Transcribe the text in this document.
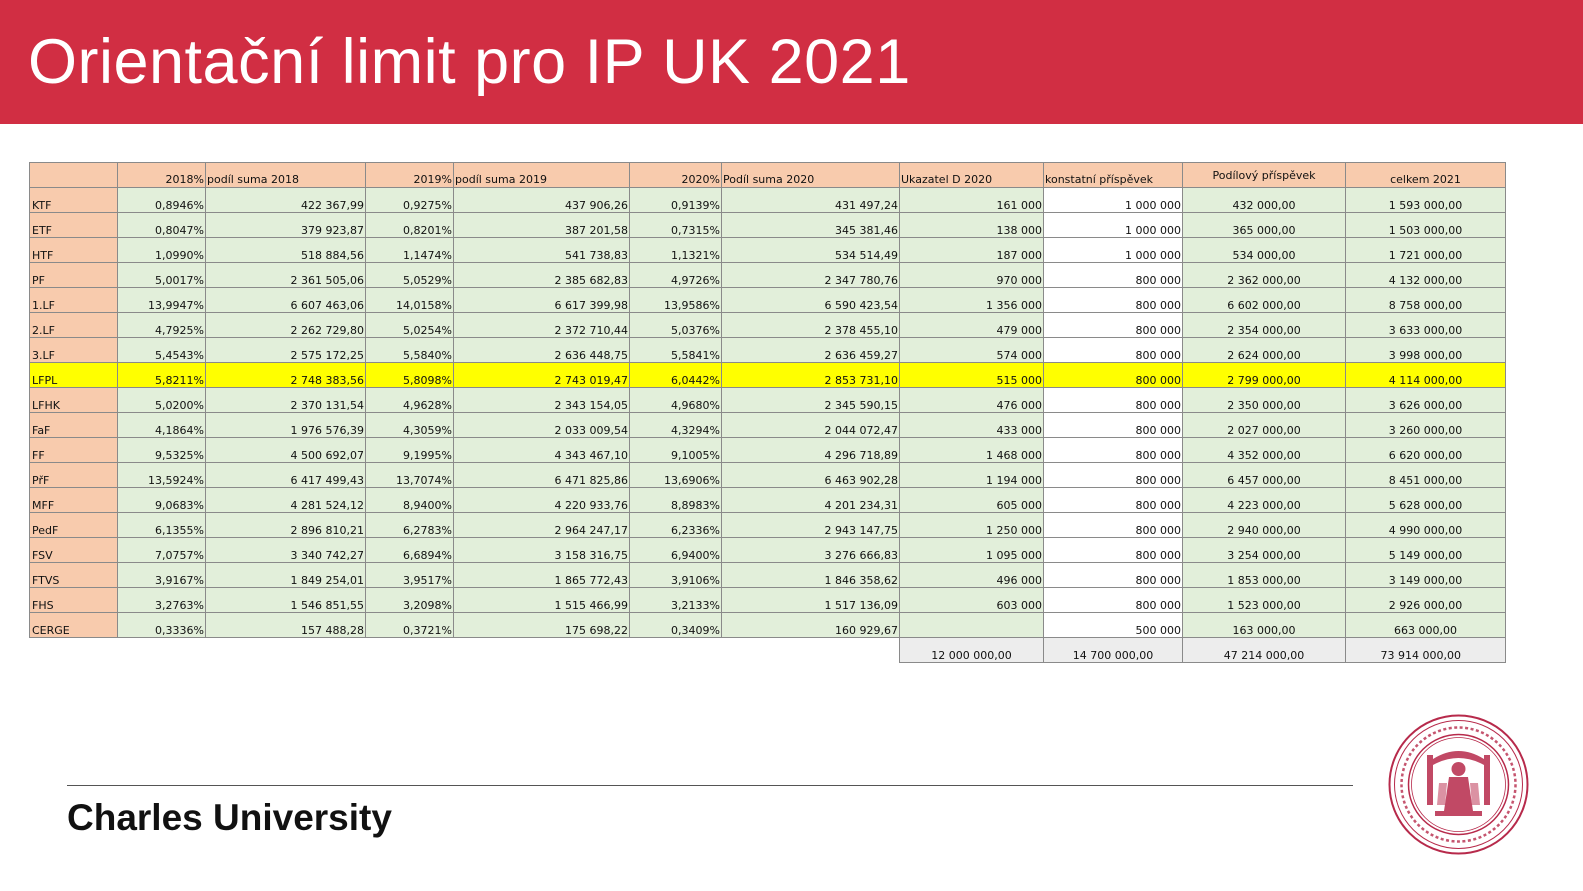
Orientační limit pro IP UK 2021
	2018%	podíl suma 2018	2019%	podíl suma 2019	2020%	Podíl suma 2020	Ukazatel D 2020	konstatní příspěvek	Podílový příspěvek	celkem 2021
KTF	0,8946%	422 367,99	0,9275%	437 906,26	0,9139%	431 497,24	161 000	1 000 000	432 000,00	1 593 000,00
ETF	0,8047%	379 923,87	0,8201%	387 201,58	0,7315%	345 381,46	138 000	1 000 000	365 000,00	1 503 000,00
HTF	1,0990%	518 884,56	1,1474%	541 738,83	1,1321%	534 514,49	187 000	1 000 000	534 000,00	1 721 000,00
PF	5,0017%	2 361 505,06	5,0529%	2 385 682,83	4,9726%	2 347 780,76	970 000	800 000	2 362 000,00	4 132 000,00
1.LF	13,9947%	6 607 463,06	14,0158%	6 617 399,98	13,9586%	6 590 423,54	1 356 000	800 000	6 602 000,00	8 758 000,00
2.LF	4,7925%	2 262 729,80	5,0254%	2 372 710,44	5,0376%	2 378 455,10	479 000	800 000	2 354 000,00	3 633 000,00
3.LF	5,4543%	2 575 172,25	5,5840%	2 636 448,75	5,5841%	2 636 459,27	574 000	800 000	2 624 000,00	3 998 000,00
LFPL	5,8211%	2 748 383,56	5,8098%	2 743 019,47	6,0442%	2 853 731,10	515 000	800 000	2 799 000,00	4 114 000,00
LFHK	5,0200%	2 370 131,54	4,9628%	2 343 154,05	4,9680%	2 345 590,15	476 000	800 000	2 350 000,00	3 626 000,00
FaF	4,1864%	1 976 576,39	4,3059%	2 033 009,54	4,3294%	2 044 072,47	433 000	800 000	2 027 000,00	3 260 000,00
FF	9,5325%	4 500 692,07	9,1995%	4 343 467,10	9,1005%	4 296 718,89	1 468 000	800 000	4 352 000,00	6 620 000,00
PřF	13,5924%	6 417 499,43	13,7074%	6 471 825,86	13,6906%	6 463 902,28	1 194 000	800 000	6 457 000,00	8 451 000,00
MFF	9,0683%	4 281 524,12	8,9400%	4 220 933,76	8,8983%	4 201 234,31	605 000	800 000	4 223 000,00	5 628 000,00
PedF	6,1355%	2 896 810,21	6,2783%	2 964 247,17	6,2336%	2 943 147,75	1 250 000	800 000	2 940 000,00	4 990 000,00
FSV	7,0757%	3 340 742,27	6,6894%	3 158 316,75	6,9400%	3 276 666,83	1 095 000	800 000	3 254 000,00	5 149 000,00
FTVS	3,9167%	1 849 254,01	3,9517%	1 865 772,43	3,9106%	1 846 358,62	496 000	800 000	1 853 000,00	3 149 000,00
FHS	3,2763%	1 546 851,55	3,2098%	1 515 466,99	3,2133%	1 517 136,09	603 000	800 000	1 523 000,00	2 926 000,00
CERGE	0,3336%	157 488,28	0,3721%	175 698,22	0,3409%	160 929,67		500 000	163 000,00	663 000,00
							12 000 000,00	14 700 000,00	47 214 000,00	73 914 000,00
Charles University
